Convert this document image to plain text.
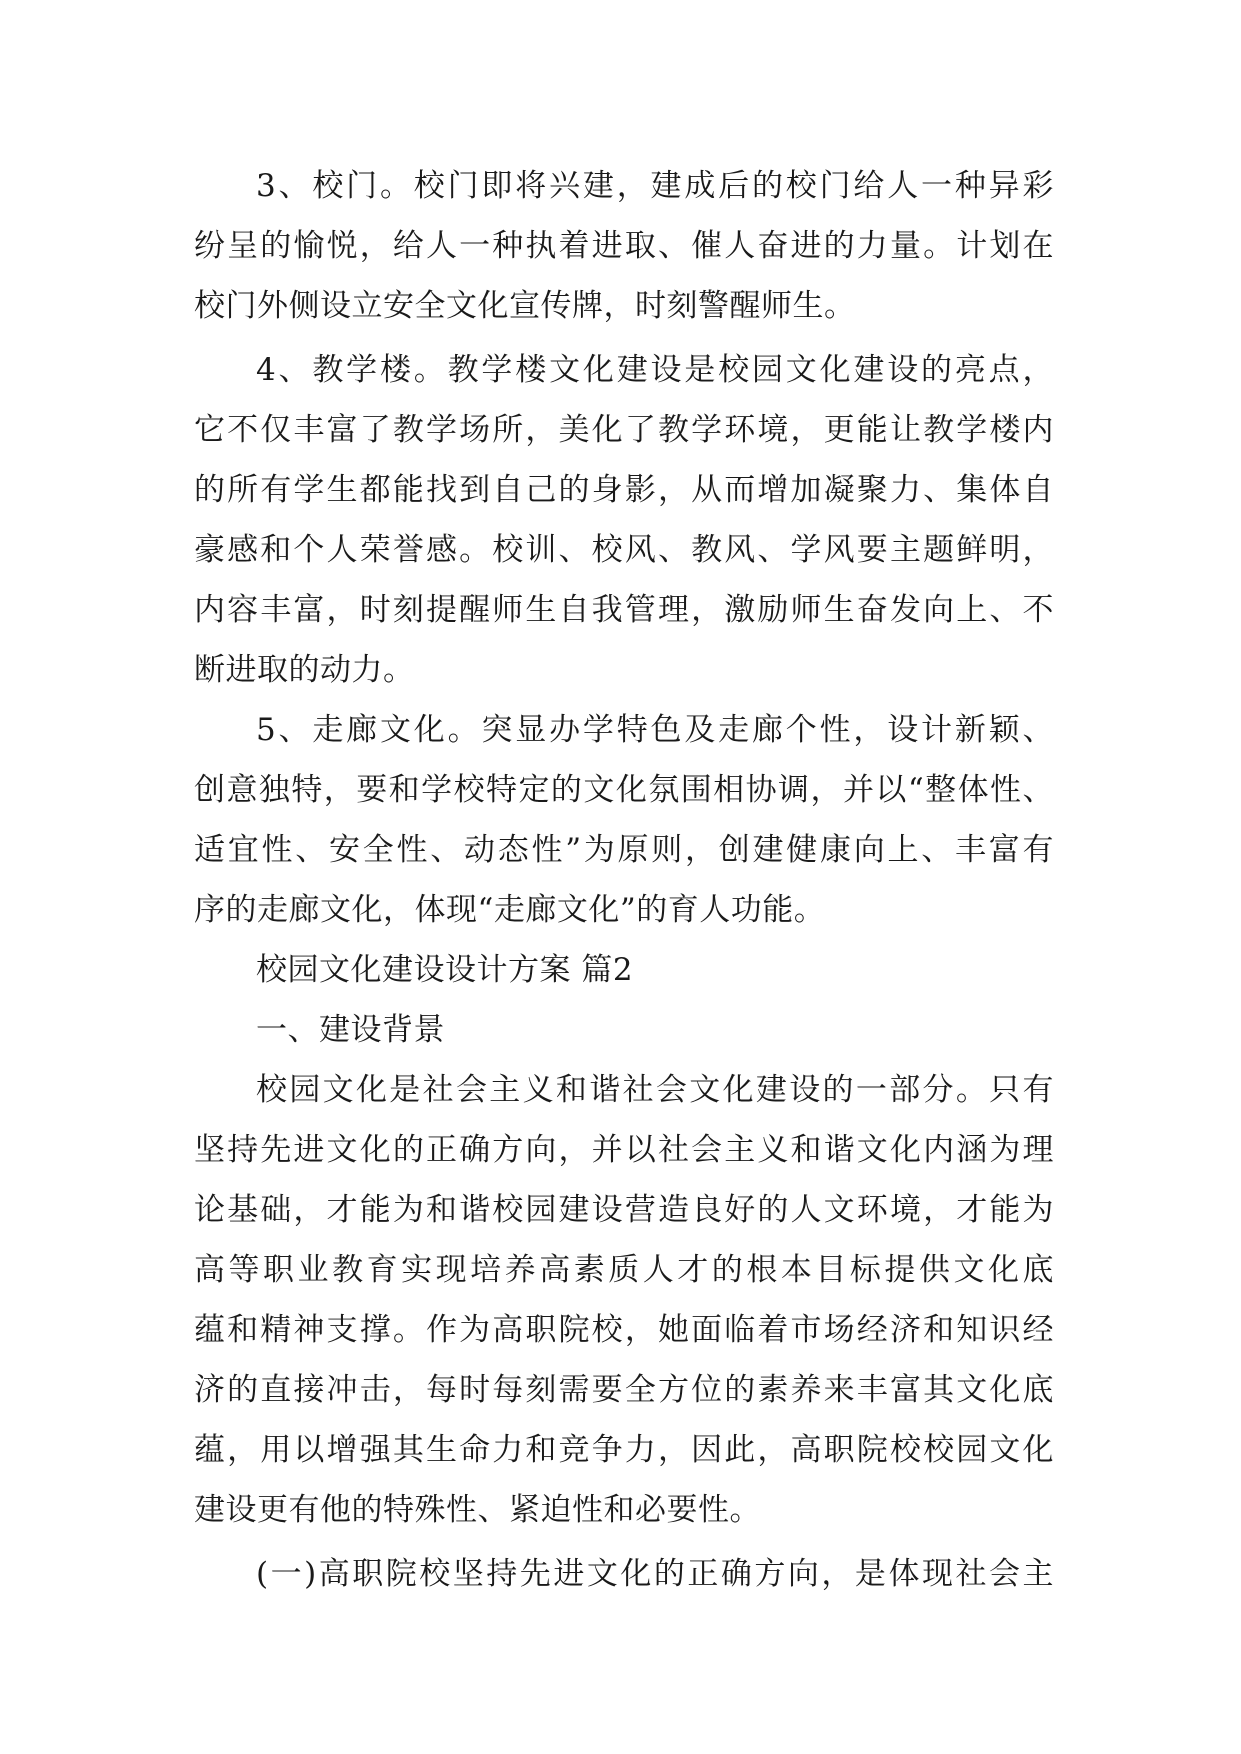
3、校门。校门即将兴建，建成后的校门给人一种异彩
纷呈的愉悦，给人一种执着进取、催人奋进的力量。计划在
校门外侧设立安全文化宣传牌，时刻警醒师生。
4、教学楼。教学楼文化建设是校园文化建设的亮点，
它不仅丰富了教学场所，美化了教学环境，更能让教学楼内
的所有学生都能找到自己的身影，从而增加凝聚力、集体自
豪感和个人荣誉感。校训、校风、教风、学风要主题鲜明，
内容丰富，时刻提醒师生自我管理，激励师生奋发向上、不
断进取的动力。
5、走廊文化。突显办学特色及走廊个性，设计新颖、
创意独特，要和学校特定的文化氛围相协调，并以“整体性、
适宜性、安全性、动态性”为原则，创建健康向上、丰富有
序的走廊文化，体现“走廊文化”的育人功能。
校园文化建设设计方案 篇2
一、建设背景
校园文化是社会主义和谐社会文化建设的一部分。只有
坚持先进文化的正确方向，并以社会主义和谐文化内涵为理
论基础，才能为和谐校园建设营造良好的人文环境，才能为
高等职业教育实现培养高素质人才的根本目标提供文化底
蕴和精神支撑。作为高职院校，她面临着市场经济和知识经
济的直接冲击，每时每刻需要全方位的素养来丰富其文化底
蕴，用以增强其生命力和竞争力，因此，高职院校校园文化
建设更有他的特殊性、紧迫性和必要性。
(一)高职院校坚持先进文化的正确方向，是体现社会主
